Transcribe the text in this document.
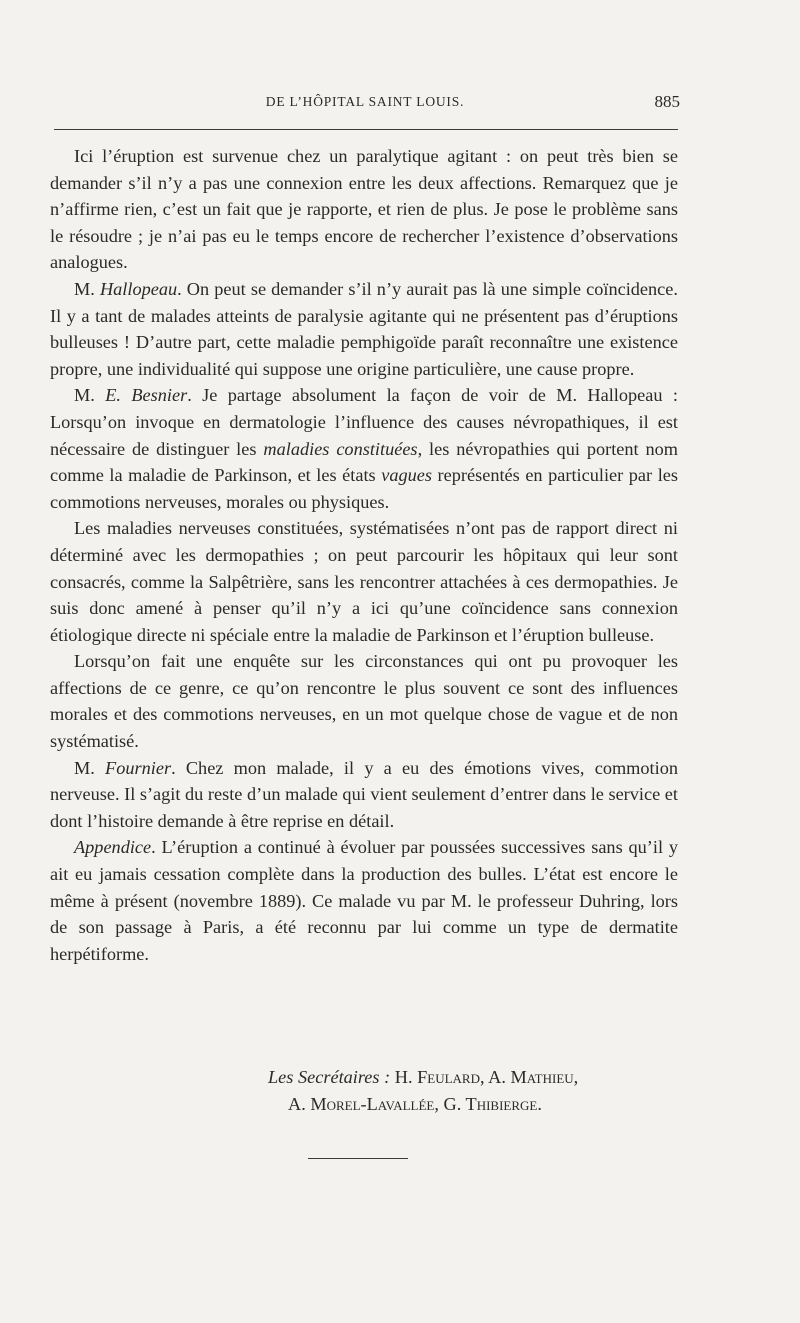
DE L’HÔPITAL SAINT LOUIS.	885

Ici l’éruption est survenue chez un paralytique agitant : on peut très bien se demander s’il n’y a pas une connexion entre les deux affections. Remarquez que je n’affirme rien, c’est un fait que je rapporte, et rien de plus. Je pose le problème sans le résoudre ; je n’ai pas eu le temps encore de rechercher l’existence d’observations analogues.

M. Hallopeau. On peut se demander s’il n’y aurait pas là une simple coïncidence. Il y a tant de malades atteints de paralysie agitante qui ne présentent pas d’éruptions bulleuses ! D’autre part, cette maladie pemphigoïde paraît reconnaître une existence propre, une individualité qui suppose une origine particulière, une cause propre.

M. E. Besnier. Je partage absolument la façon de voir de M. Hallopeau : Lorsqu’on invoque en dermatologie l’influence des causes névropathiques, il est nécessaire de distinguer les maladies constituées, les névropathies qui portent nom comme la maladie de Parkinson, et les états vagues représentés en particulier par les commotions nerveuses, morales ou physiques.

Les maladies nerveuses constituées, systématisées n’ont pas de rapport direct ni déterminé avec les dermopathies ; on peut parcourir les hôpitaux qui leur sont consacrés, comme la Salpêtrière, sans les rencontrer attachées à ces dermopathies. Je suis donc amené à penser qu’il n’y a ici qu’une coïncidence sans connexion étiologique directe ni spéciale entre la maladie de Parkinson et l’éruption bulleuse.

Lorsqu’on fait une enquête sur les circonstances qui ont pu provoquer les affections de ce genre, ce qu’on rencontre le plus souvent ce sont des influences morales et des commotions nerveuses, en un mot quelque chose de vague et de non systématisé.

M. Fournier. Chez mon malade, il y a eu des émotions vives, commotion nerveuse. Il s’agit du reste d’un malade qui vient seulement d’entrer dans le service et dont l’histoire demande à être reprise en détail.

Appendice. L’éruption a continué à évoluer par poussées successives sans qu’il y ait eu jamais cessation complète dans la production des bulles. L’état est encore le même à présent (novembre 1889). Ce malade vu par M. le professeur Duhring, lors de son passage à Paris, a été reconnu par lui comme un type de dermatite herpétiforme.

Les Secrétaires : H. Feulard, A. Mathieu,
A. Morel-Lavallée, G. Thibierge.
